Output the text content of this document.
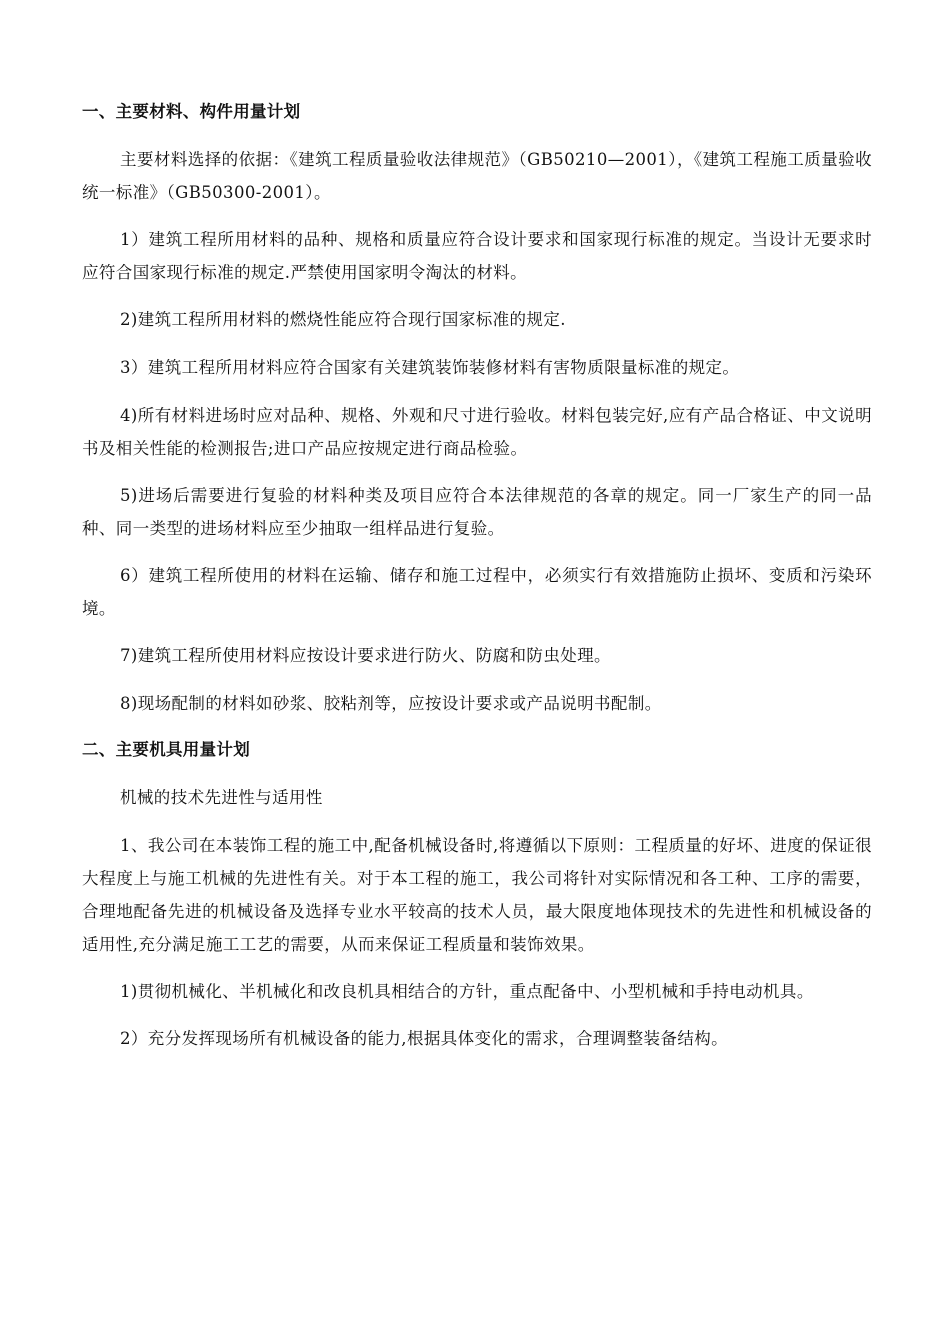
一、主要材料、构件用量计划

主要材料选择的依据：《建筑工程质量验收法律规范》（GB50210—2001），《建筑工程施工质量验收统一标准》（GB50300-2001）。

1）建筑工程所用材料的品种、规格和质量应符合设计要求和国家现行标准的规定。当设计无要求时应符合国家现行标准的规定.严禁使用国家明令淘汰的材料。

2)建筑工程所用材料的燃烧性能应符合现行国家标准的规定.

3）建筑工程所用材料应符合国家有关建筑装饰装修材料有害物质限量标准的规定。

4)所有材料进场时应对品种、规格、外观和尺寸进行验收。材料包装完好,应有产品合格证、中文说明书及相关性能的检测报告;进口产品应按规定进行商品检验。

5)进场后需要进行复验的材料种类及项目应符合本法律规范的各章的规定。同一厂家生产的同一品种、同一类型的进场材料应至少抽取一组样品进行复验。

6）建筑工程所使用的材料在运输、储存和施工过程中，必须实行有效措施防止损坏、变质和污染环境。

7)建筑工程所使用材料应按设计要求进行防火、防腐和防虫处理。

8)现场配制的材料如砂浆、胶粘剂等，应按设计要求或产品说明书配制。

二、主要机具用量计划

机械的技术先进性与适用性

1、我公司在本装饰工程的施工中,配备机械设备时,将遵循以下原则：工程质量的好坏、进度的保证很大程度上与施工机械的先进性有关。对于本工程的施工，我公司将针对实际情况和各工种、工序的需要，合理地配备先进的机械设备及选择专业水平较高的技术人员，最大限度地体现技术的先进性和机械设备的适用性,充分满足施工工艺的需要，从而来保证工程质量和装饰效果。

1)贯彻机械化、半机械化和改良机具相结合的方针，重点配备中、小型机械和手持电动机具。

2）充分发挥现场所有机械设备的能力,根据具体变化的需求，合理调整装备结构。
